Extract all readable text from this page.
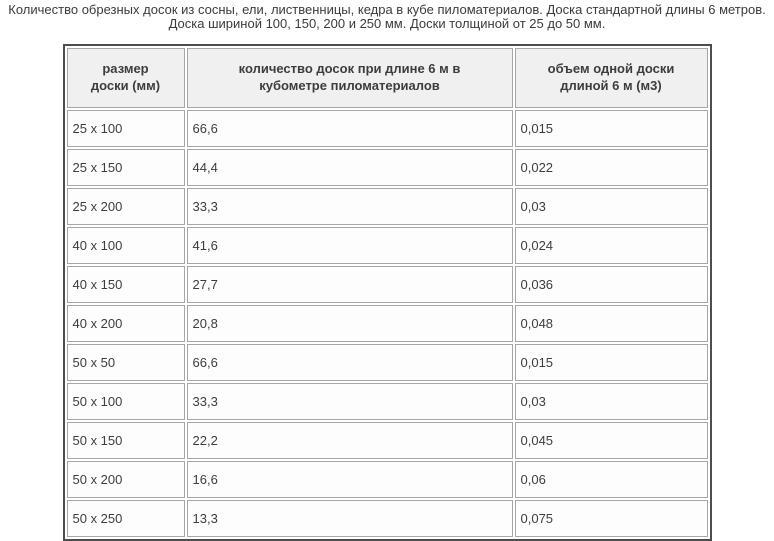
Количество обрезных досок из сосны, ели, лиственницы, кедра в кубе пиломатериалов. Доска стандартной длины 6 метров. Доска шириной 100, 150, 200 и 250 мм. Доски толщиной от 25 до 50 мм.
размер доски (мм)	количество досок при длине 6 м в кубометре пиломатериалов	объем одной доски длиной 6 м (м3)
25 x 100	66,6	0,015
25 x 150	44,4	0,022
25 x 200	33,3	0,03
40 x 100	41,6	0,024
40 x 150	27,7	0,036
40 x 200	20,8	0,048
50 x 50	66,6	0,015
50 x 100	33,3	0,03
50 x 150	22,2	0,045
50 x 200	16,6	0,06
50 x 250	13,3	0,075
